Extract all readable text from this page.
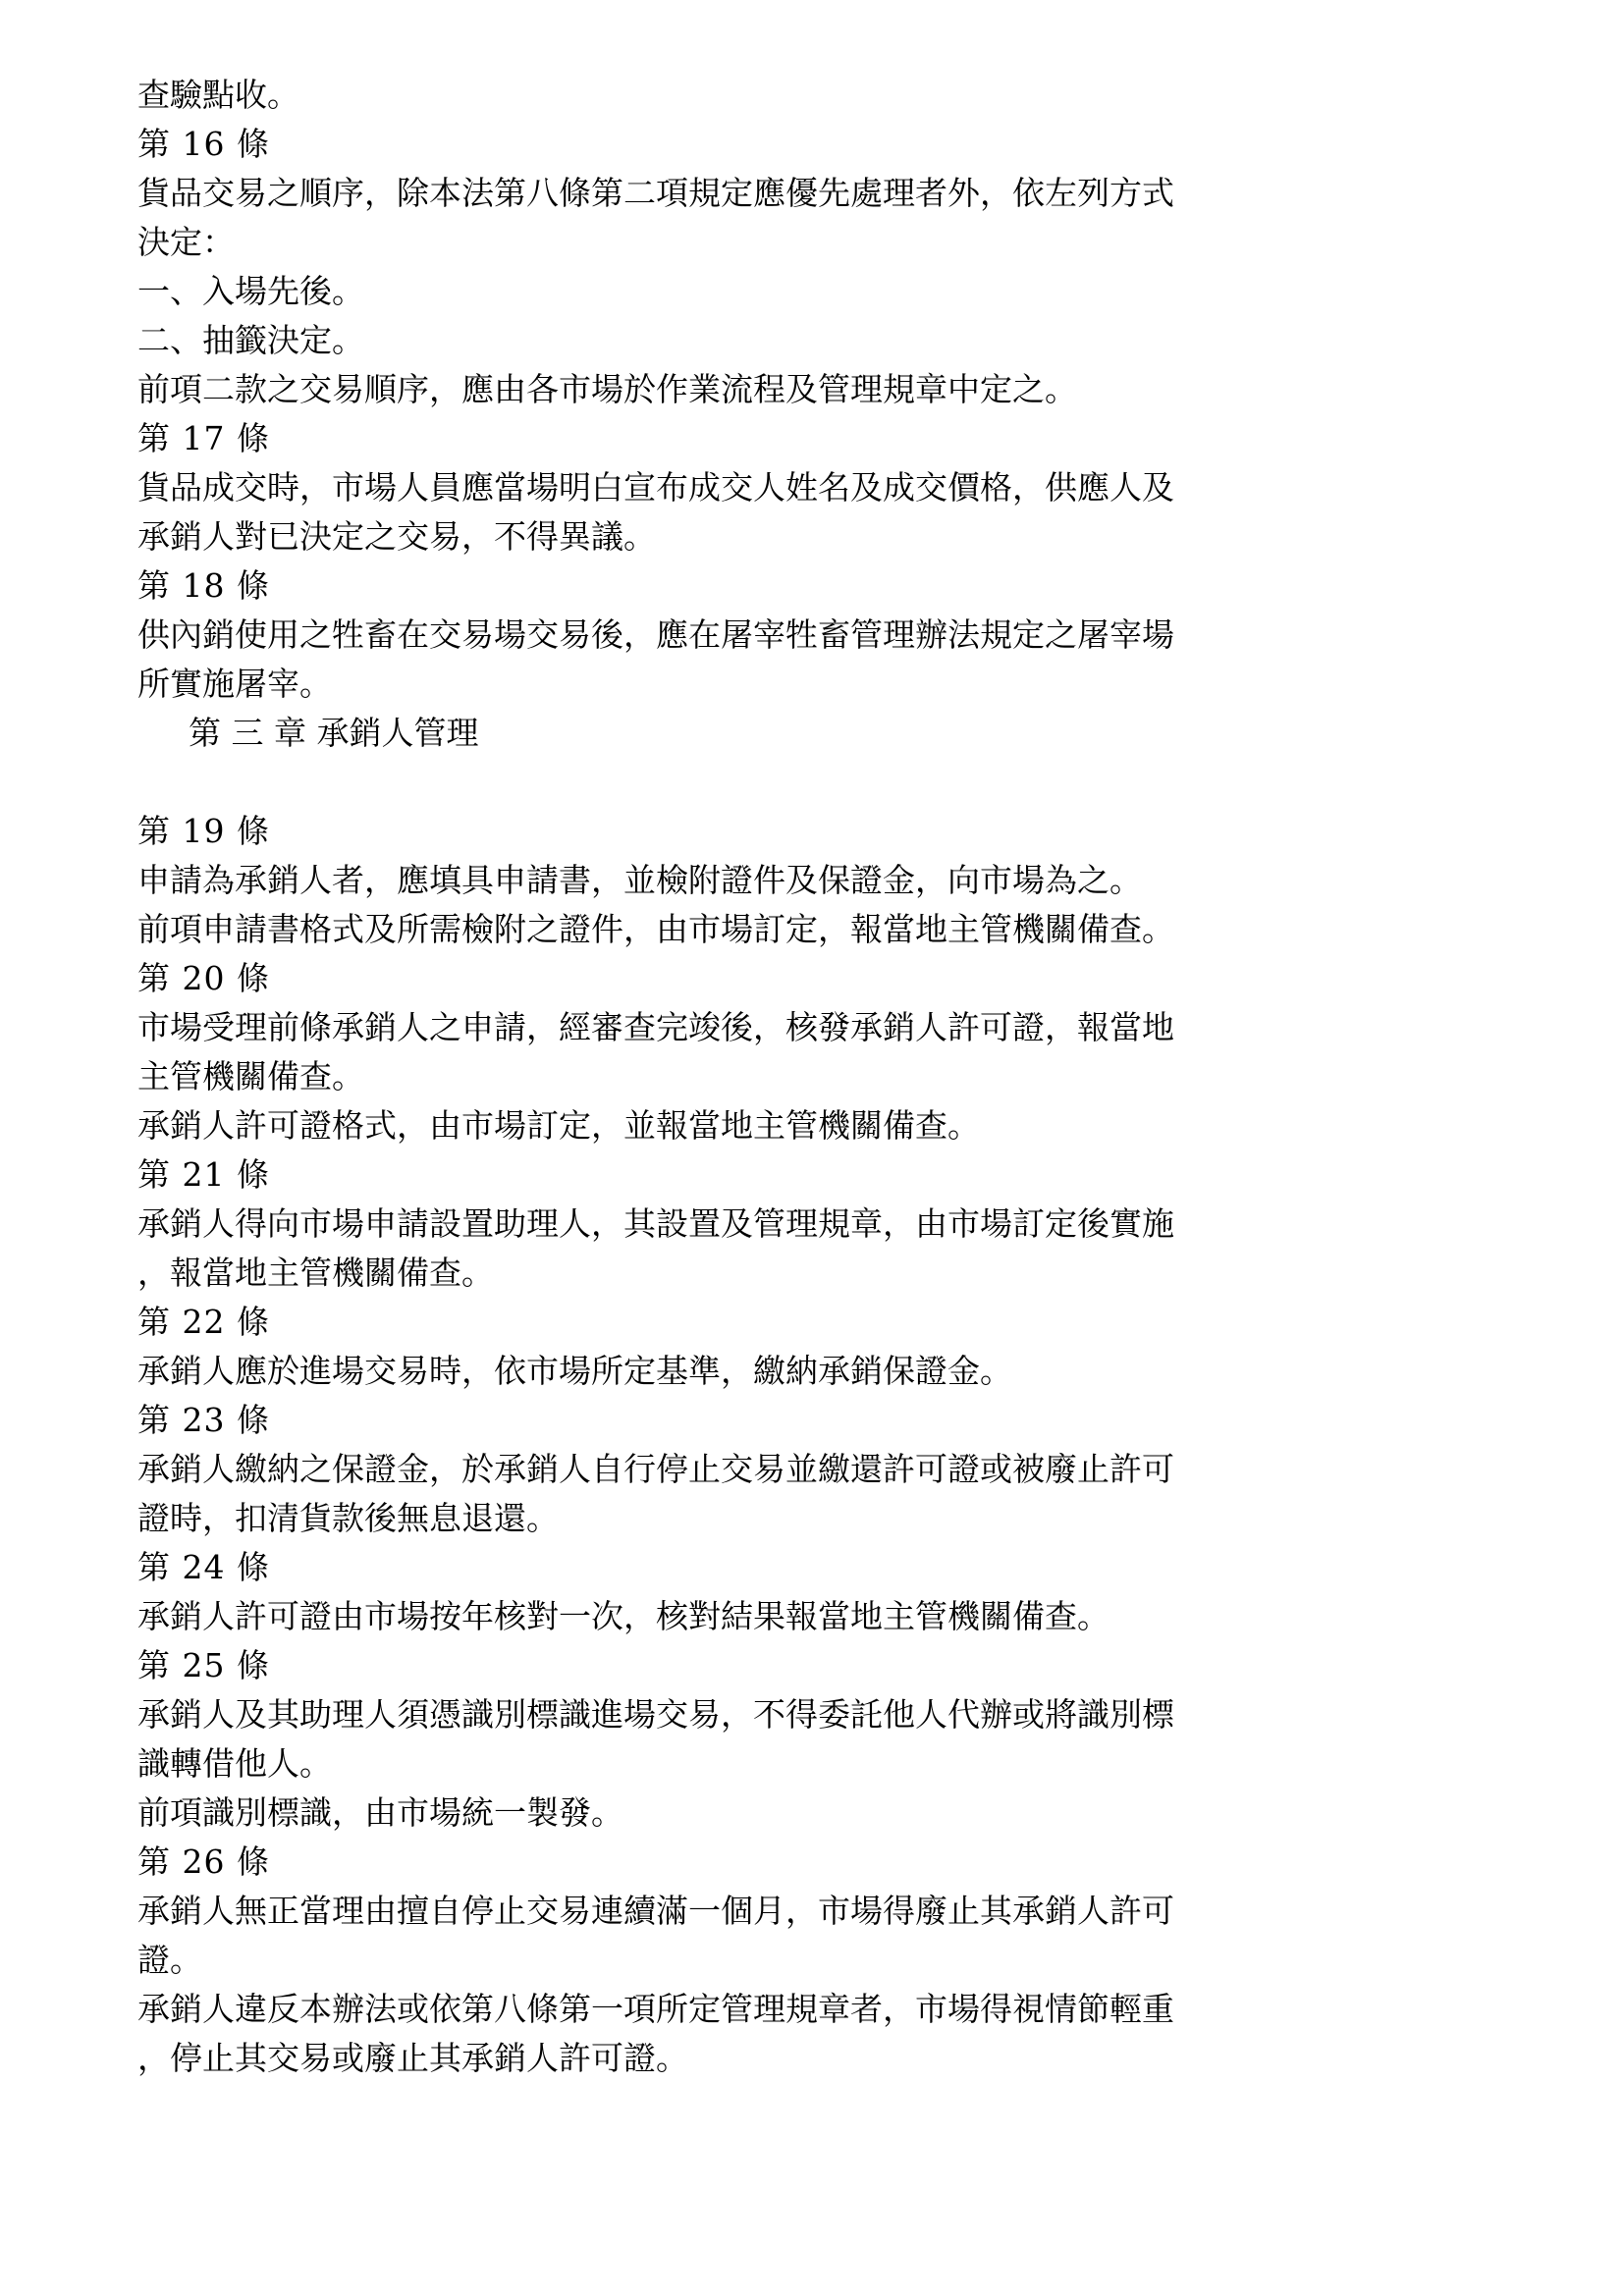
查驗點收。
第 16 條
貨品交易之順序，除本法第八條第二項規定應優先處理者外，依左列方式
決定：
一、入場先後。
二、抽籤決定。
前項二款之交易順序，應由各市場於作業流程及管理規章中定之。
第 17 條
貨品成交時，市場人員應當場明白宣布成交人姓名及成交價格，供應人及
承銷人對已決定之交易，不得異議。
第 18 條
供內銷使用之牲畜在交易場交易後，應在屠宰牲畜管理辦法規定之屠宰場
所實施屠宰。
第 三 章 承銷人管理
第 19 條
申請為承銷人者，應填具申請書，並檢附證件及保證金，向市場為之。
前項申請書格式及所需檢附之證件，由市場訂定，報當地主管機關備查。
第 20 條
市場受理前條承銷人之申請，經審查完竣後，核發承銷人許可證，報當地
主管機關備查。
承銷人許可證格式，由市場訂定，並報當地主管機關備查。
第 21 條
承銷人得向市場申請設置助理人，其設置及管理規章，由市場訂定後實施
，報當地主管機關備查。
第 22 條
承銷人應於進場交易時，依市場所定基準，繳納承銷保證金。
第 23 條
承銷人繳納之保證金，於承銷人自行停止交易並繳還許可證或被廢止許可
證時，扣清貨款後無息退還。
第 24 條
承銷人許可證由市場按年核對一次，核對結果報當地主管機關備查。
第 25 條
承銷人及其助理人須憑識別標識進場交易，不得委託他人代辦或將識別標
識轉借他人。
前項識別標識，由市場統一製發。
第 26 條
承銷人無正當理由擅自停止交易連續滿一個月，市場得廢止其承銷人許可
證。
承銷人違反本辦法或依第八條第一項所定管理規章者，市場得視情節輕重
，停止其交易或廢止其承銷人許可證。
